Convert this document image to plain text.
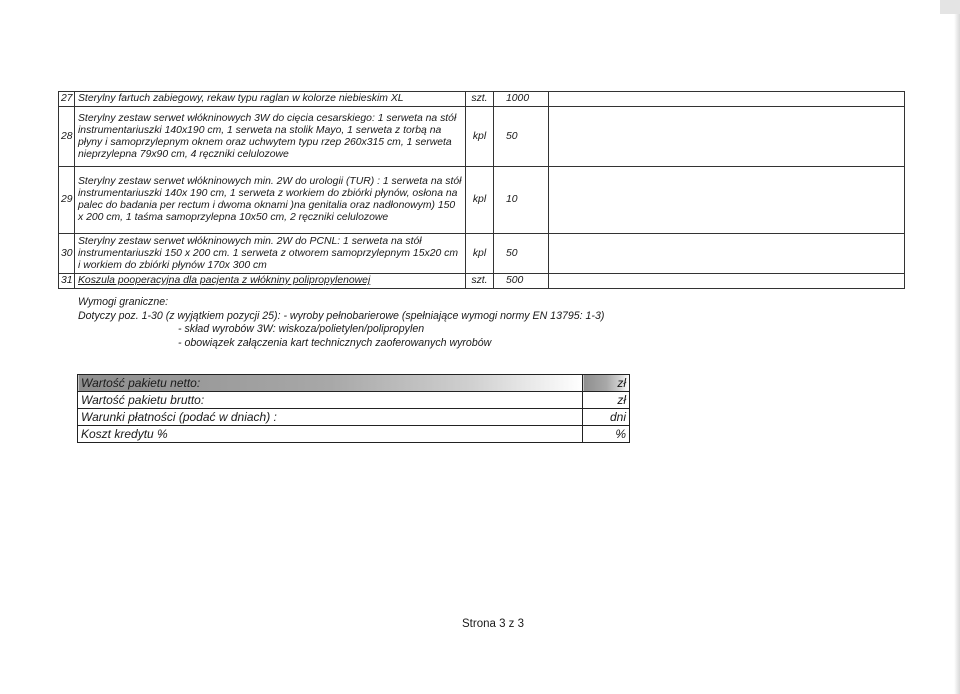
27	Sterylny fartuch zabiegowy, rekaw typu raglan w kolorze niebieskim XL	szt.	1000	
28	Sterylny zestaw serwet włókninowych 3W do cięcia cesarskiego: 1 serweta na stół instrumentariuszki 140x190 cm, 1 serweta na stolik Mayo, 1 serweta z torbą na płyny i samoprzylepnym oknem oraz uchwytem typu rzep 260x315 cm, 1 serweta nieprzylepna 79x90 cm, 4 ręczniki celulozowe	kpl	50	
29	Sterylny zestaw serwet włókninowych min. 2W do urologii (TUR) : 1 serweta na stół instrumentariuszki 140x 190 cm, 1 serweta z workiem do zbiórki płynów, osłona na palec do badania per rectum i dwoma oknami )na genitalia oraz nadłonowym) 150 x 200 cm, 1 taśma samoprzylepna 10x50 cm, 2 ręczniki celulozowe	kpl	10	
30	Sterylny zestaw serwet włókninowych min. 2W do PCNL: 1 serweta na stół instrumentariuszki 150 x 200 cm. 1 serweta z otworem samoprzylepnym 15x20 cm i workiem do zbiórki płynów 170x 300 cm	kpl	50	
31	Koszula pooperacyjna dla pacjenta z włókniny polipropylenowej	szt.	500	
Wymogi graniczne:
Dotyczy poz. 1-30 (z wyjątkiem pozycji 25): - wyroby pełnobarierowe (spełniające wymogi normy EN 13795: 1-3)
- skład wyrobów 3W: wiskoza/polietylen/polipropylen
- obowiązek załączenia kart technicznych zaoferowanych wyrobów
Wartość pakietu netto:	zł
Wartość pakietu brutto:	zł
Warunki płatności (podać w dniach) :	dni
Koszt kredytu %	%
Strona 3 z 3
